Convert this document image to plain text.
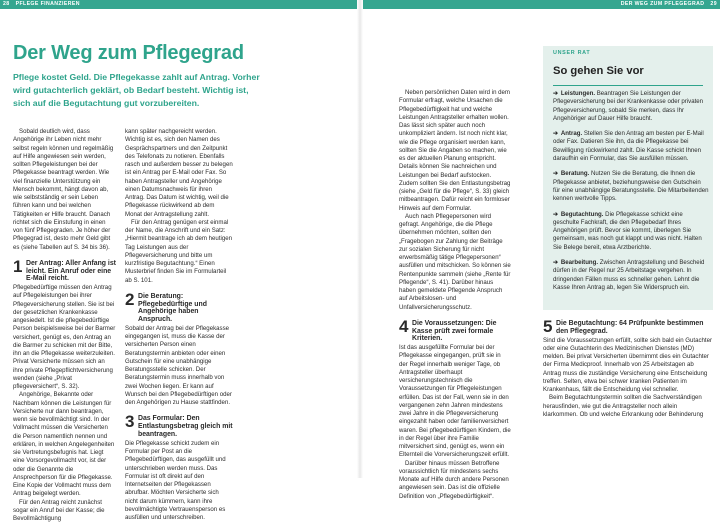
28 PFLEGE FINANZIEREN	DER WEG ZUM PFLEGEGRAD 29
Der Weg zum Pflegegrad

Pflege kostet Geld. Die Pflegekasse zahlt auf Antrag. Vorher wird gutachterlich geklärt, ob Bedarf besteht. Wichtig ist, sich auf die Begutachtung gut vorzubereiten.

Sobald deutlich wird, dass Angehörige ihr Leben nicht mehr selbst regeln können und regelmäßig auf Hilfe angewiesen sein werden, sollten Pflegeleistungen bei der Pflegekasse beantragt werden. Wie viel finanzielle Unterstützung ein Mensch bekommt, hängt davon ab, wie selbstständig er sein Leben führen kann und bei welchen Tätigkeiten er Hilfe braucht. Danach richtet sich die Einstufung in einen von fünf Pflegegraden. Je höher der Pflegegrad ist, desto mehr Geld gibt es (siehe Tabellen auf S. 34 bis 36).

1 Der Antrag: Aller Anfang ist leicht. Ein Anruf oder eine E-Mail reicht.

Pflegebedürftige müssen den Antrag auf Pflegeleistungen bei ihrer Pflegeversicherung stellen. Sie ist bei der gesetzlichen Krankenkasse angesiedelt. Ist die pflegebedürftige Person beispielsweise bei der Barmer versichert, genügt es, den Antrag an die Barmer zu schicken mit der Bitte, ihn an die Pflegekasse weiterzuleiten. Privat Versicherte müssen sich an ihre private Pflegepflichtversicherung wenden (siehe „Privat pflegeversichert“, S. 32).

Angehörige, Bekannte oder Nachbarn können die Leistungen für Versicherte nur dann beantragen, wenn sie bevollmächtigt sind. In der Vollmacht müssen die Versicherten die Person namentlich nennen und erklären, in welchen Angelegenheiten sie Vertretungsbefugnis hat. Liegt eine Vorsorgevollmacht vor, ist der oder die Genannte die Ansprechperson für die Pflegekasse. Eine Kopie der Vollmacht muss dem Antrag beigelegt werden.

Für den Antrag reicht zunächst sogar ein Anruf bei der Kasse; die Bevollmächtigung

kann später nachgereicht werden. Wichtig ist es, sich den Namen des Gesprächspartners und den Zeitpunkt des Telefonats zu notieren. Ebenfalls rasch und außerdem besser zu belegen ist ein Antrag per E-Mail oder Fax. So haben Antragsteller und Angehörige einen Datumsnachweis für ihren Antrag. Das Datum ist wichtig, weil die Pflegekasse rückwirkend ab dem Monat der Antragstellung zahlt.

Für den Antrag genügen erst einmal der Name, die Anschrift und ein Satz: „Hiermit beantrage ich ab dem heutigen Tag Leistungen aus der Pflegeversicherung und bitte um kurzfristige Begutachtung.“ Einen Musterbrief finden Sie im Formularteil ab S. 101.

2 Die Beratung: Pflegebedürftige und Angehörige haben Anspruch.

Sobald der Antrag bei der Pflegekasse eingegangen ist, muss die Kasse der versicherten Person einen Beratungstermin anbieten oder einen Gutschein für eine unabhängige Beratungsstelle schicken. Der Beratungstermin muss innerhalb von zwei Wochen liegen. Er kann auf Wunsch bei den Pflegebedürftigen oder den Angehörigen zu Hause stattfinden.

3 Das Formular: Den Entlastungsbetrag gleich mit beantragen.

Die Pflegekasse schickt zudem ein Formular per Post an die Pflegebedürftigen, das ausgefüllt und unterschrieben werden muss. Das Formular ist oft direkt auf den Internetseiten der Pflegekassen abrufbar. Möchten Versicherte sich nicht darum kümmern, kann ihre bevollmächtigte Vertrauensperson es ausfüllen und unterschreiben.

Neben persönlichen Daten wird in dem Formular erfragt, welche Ursachen die Pflegebedürftigkeit hat und welche Leistungen Antragsteller erhalten wollen. Das lässt sich später auch noch unkompliziert ändern. Ist noch nicht klar, wie die Pflege organisiert werden kann, sollten Sie die Angaben so machen, wie es der aktuellen Planung entspricht. Details können Sie nachreichen und Leistungen bei Bedarf aufstocken. Zudem sollten Sie den Entlastungsbetrag (siehe „Geld für die Pflege“, S. 33) gleich mitbeantragen. Dafür reicht ein formloser Hinweis auf dem Formular.

Auch nach Pflegepersonen wird gefragt. Angehörige, die die Pflege übernehmen möchten, sollten den „Fragebogen zur Zahlung der Beiträge zur sozialen Sicherung für nicht erwerbsmäßig tätige Pflegepersonen“ ausfüllen und mitschicken. So können sie Rentenpunkte sammeln (siehe „Rente für Pflegende“, S. 41). Darüber hinaus haben gemeldete Pflegende Anspruch auf Arbeitslosen- und Unfallversicherungsschutz.

4 Die Voraussetzungen: Die Kasse prüft zwei formale Kriterien.

Ist das ausgefüllte Formular bei der Pflegekasse eingegangen, prüft sie in der Regel innerhalb weniger Tage, ob Antragsteller überhaupt versicherungstechnisch die Voraussetzungen für Pflegeleistungen erfüllen. Das ist der Fall, wenn sie in den vergangenen zehn Jahren mindestens zwei Jahre in die Pflegeversicherung eingezahlt haben oder familienversichert waren. Bei pflegebedürftigen Kindern, die in der Regel über ihre Familie mitversichert sind, genügt es, wenn ein Elternteil die Vorversicherungszeit erfüllt.

Darüber hinaus müssen Betroffene voraussichtlich für mindestens sechs Monate auf Hilfe durch andere Personen angewiesen sein. Das ist die offizielle Definition von „Pflegebedürftigkeit“.

UNSER RAT
So gehen Sie vor

➔ Leistungen. Beantragen Sie Leistungen der Pflegeversicherung bei der Krankenkasse oder privaten Pflegeversicherung, sobald Sie merken, dass Ihr Angehöriger auf Dauer Hilfe braucht.

➔ Antrag. Stellen Sie den Antrag am besten per E-Mail oder Fax. Datieren Sie ihn, da die Pflegekasse bei Bewilligung rückwirkend zahlt. Die Kasse schickt Ihnen daraufhin ein Formular, das Sie ausfüllen müssen.

➔ Beratung. Nutzen Sie die Beratung, die Ihnen die Pflegekasse anbietet, beziehungsweise den Gutschein für eine unabhängige Beratungsstelle. Die Mitarbeitenden kennen wertvolle Tipps.

➔ Begutachtung. Die Pflegekasse schickt eine geschulte Fachkraft, die den Pflegebedarf Ihres Angehörigen prüft. Bevor sie kommt, überlegen Sie gemeinsam, was noch gut klappt und was nicht. Halten Sie Belege bereit, etwa Arztberichte.

➔ Bearbeitung. Zwischen Antragstellung und Bescheid dürfen in der Regel nur 25 Arbeitstage vergehen. In dringenden Fällen muss es schneller gehen. Lehnt die Kasse Ihren Antrag ab, legen Sie Widerspruch ein.

5 Die Begutachtung: 64 Prüfpunkte bestimmen den Pflegegrad.

Sind die Voraussetzungen erfüllt, sollte sich bald ein Gutachter oder eine Gutachterin des Medizinischen Dienstes (MD) melden. Bei privat Versicherten übernimmt dies ein Gutachter der Firma Medicproof. Innerhalb von 25 Arbeitstagen ab Antrag muss die zuständige Versicherung eine Entscheidung treffen. Selten, etwa bei schwer kranken Patienten im Krankenhaus, fällt die Entscheidung viel schneller.

Beim Begutachtungstermin sollten die Sachverständigen herausfinden, wie gut die Antragsteller noch allein klarkommen. Ob und welche Erkrankung oder Behinderung
